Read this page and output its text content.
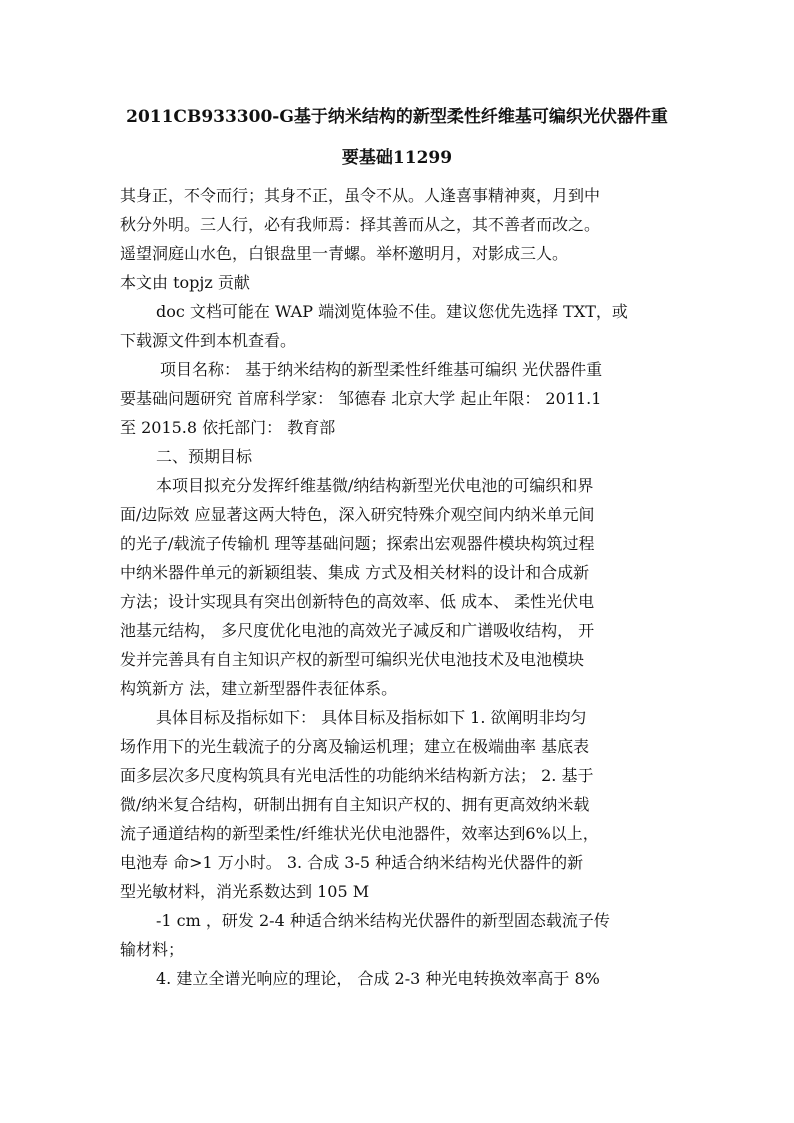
2011CB933300-G基于纳米结构的新型柔性纤维基可编织光伏器件重
要基础11299
其身正，不令而行；其身不正，虽令不从。人逢喜事精神爽，月到中
秋分外明。三人行，必有我师焉：择其善而从之，其不善者而改之。
遥望洞庭山水色，白银盘里一青螺。举杯邀明月，对影成三人。
本文由 topjz 贡献
doc 文档可能在 WAP 端浏览体验不佳。建议您优先选择 TXT，或
下载源文件到本机查看。
项目名称： 基于纳米结构的新型柔性纤维基可编织 光伏器件重
要基础问题研究 首席科学家： 邹德春 北京大学 起止年限： 2011.1
至 2015.8 依托部门： 教育部
二、预期目标
本项目拟充分发挥纤维基微/纳结构新型光伏电池的可编织和界
面/边际效 应显著这两大特色，深入研究特殊介观空间内纳米单元间
的光子/载流子传输机 理等基础问题；探索出宏观器件模块构筑过程
中纳米器件单元的新颖组装、集成 方式及相关材料的设计和合成新
方法；设计实现具有突出创新特色的高效率、低 成本、 柔性光伏电
池基元结构， 多尺度优化电池的高效光子减反和广谱吸收结构， 开
发并完善具有自主知识产权的新型可编织光伏电池技术及电池模块
构筑新方 法，建立新型器件表征体系。
具体目标及指标如下： 具体目标及指标如下 1. 欲阐明非均匀
场作用下的光生载流子的分离及输运机理；建立在极端曲率 基底表
面多层次多尺度构筑具有光电活性的功能纳米结构新方法； 2. 基于
微/纳米复合结构，研制出拥有自主知识产权的、拥有更高效纳米载
流子通道结构的新型柔性/纤维状光伏电池器件，效率达到6%以上，
电池寿 命>1 万小时。 3. 合成 3-5 种适合纳米结构光伏器件的新
型光敏材料，消光系数达到 105 M
-1 cm ，研发 2-4 种适合纳米结构光伏器件的新型固态载流子传
输材料；
4. 建立全谱光响应的理论， 合成 2-3 种光电转换效率高于 8%
